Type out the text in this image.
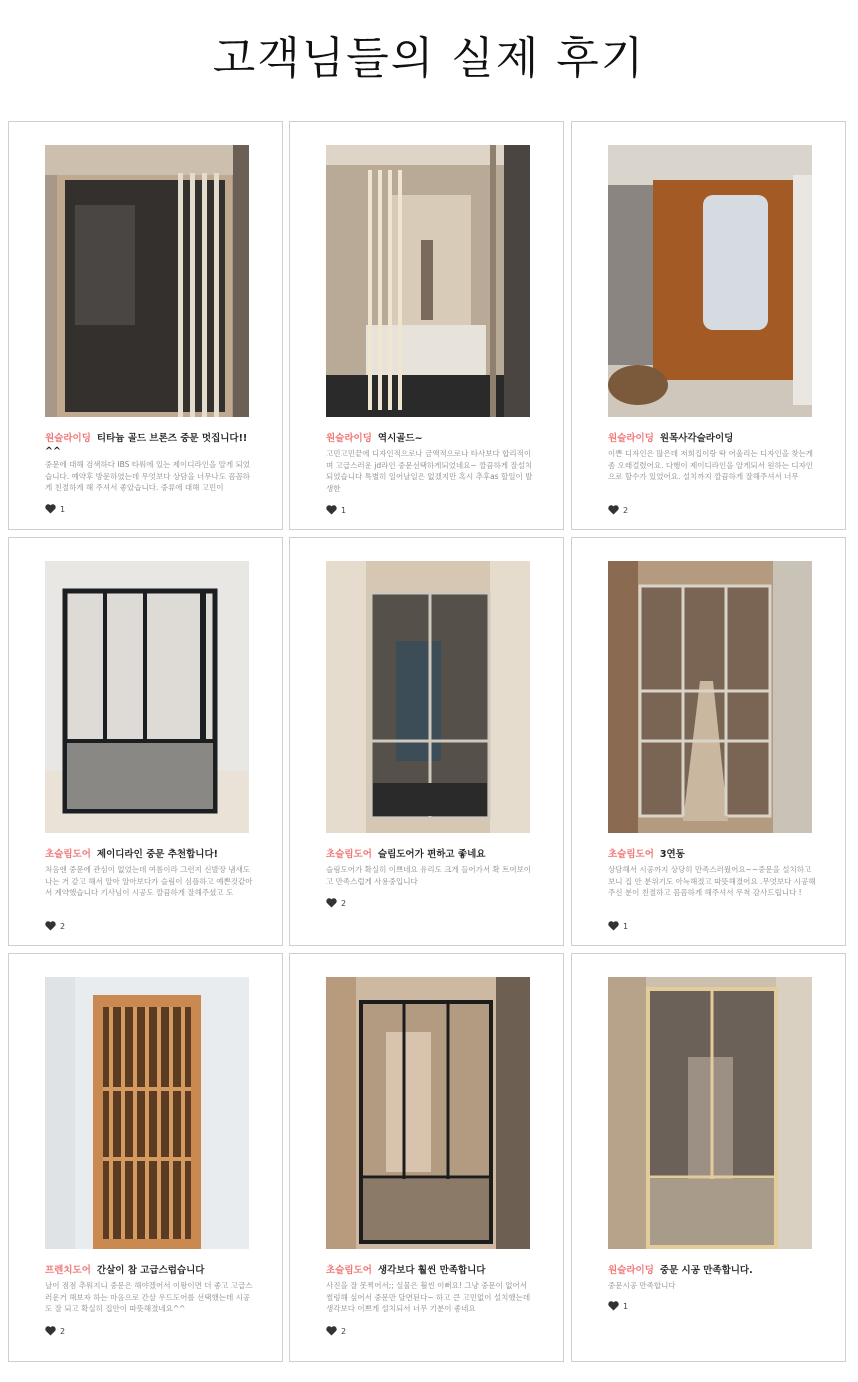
고객님들의 실제 후기
원슬라이딩 티타늄 골드 브론즈 중문 멋집니다!! ^^
중문에 대해 검색하다 IBS 타워에 있는 제이디라인을 알게 되었습니다. 예약후 방문하였는데 무엇보다 상담을 너무나도 꼼꼼하게 친절하게 해 주셔서 좋았습니다. 중류에 대해 고민이
1
원슬라이딩 역시골드~
고민고민끝에 디자인적으로나 금액적으로나 타사보다 합리적이며 고급스러운 jd라인 중문선택하게되었네요~ 깔끔하게 잘설치되었습니다 특별히 일어날일은 없겠지만 혹시 추후as 할일이 발생한
1
원슬라이딩 원목사각슬라이딩
이쁜 디자인은 많은데 저희집이랑 딱 어울리는 디자인을 찾는게 좀 오래걸렸어요. 다행이 제이디라인을 알게되서 원하는 디자인으로 할수가 있었어요. 설치까지 깔끔하게 잘해주셔서 너무
2
초슬림도어 제이디라인 중문 추천합니다!
처음엔 중문에 관심이 없었는데 여름이라 그런지 신발장 냄새도 나는 거 같고 해서 알아 알아보다가 슬림이 심플하고 예쁜것같아서 계약했습니다 기사님이 시공도 깔끔하게 잘해주셨고 도
2
초슬림도어 슬림도어가 편하고 좋네요
슬림도어가 확실히 이쁘네요 유리도 크게 들어가서 확 트여보이고 만족스럽게 사용중입니다
2
초슬림도어 3연동
상담해서 시공까지 상당히 만족스러웠어요~~중문을 설치하고 보니 집 안 분위기도 아늑해졌고 따뜻해졌어요 .무엇보다 시공해 주신 분이 친절하고 꼼꼼하게 해주셔서 무척 감사드립니다 !
1
프렌치도어 간살이 참 고급스럽습니다
날이 점점 추워지니 중문은 해야겠어서 이왕이면 더 좋고 고급스러운거 해보자 하는 마음으로 간살 우드도어를 선택했는데 시공도 잘 되고 확실히 집안이 따뜻해졌네요^^
2
초슬림도어 생각보다 훨씬 만족합니다
사진을 잘 못찍어서;; 실물은 훨씬 이뻐요! 그냥 중문이 없어서 썰렁해 싶어서 중문만 달면된다~ 하고 큰 고민없이 설치했는데 생각보다 이쁘게 설치되서 너무 기분이 좋네요
2
원슬라이딩 중문 시공 만족합니다.
중문시공 만족합니다
1
